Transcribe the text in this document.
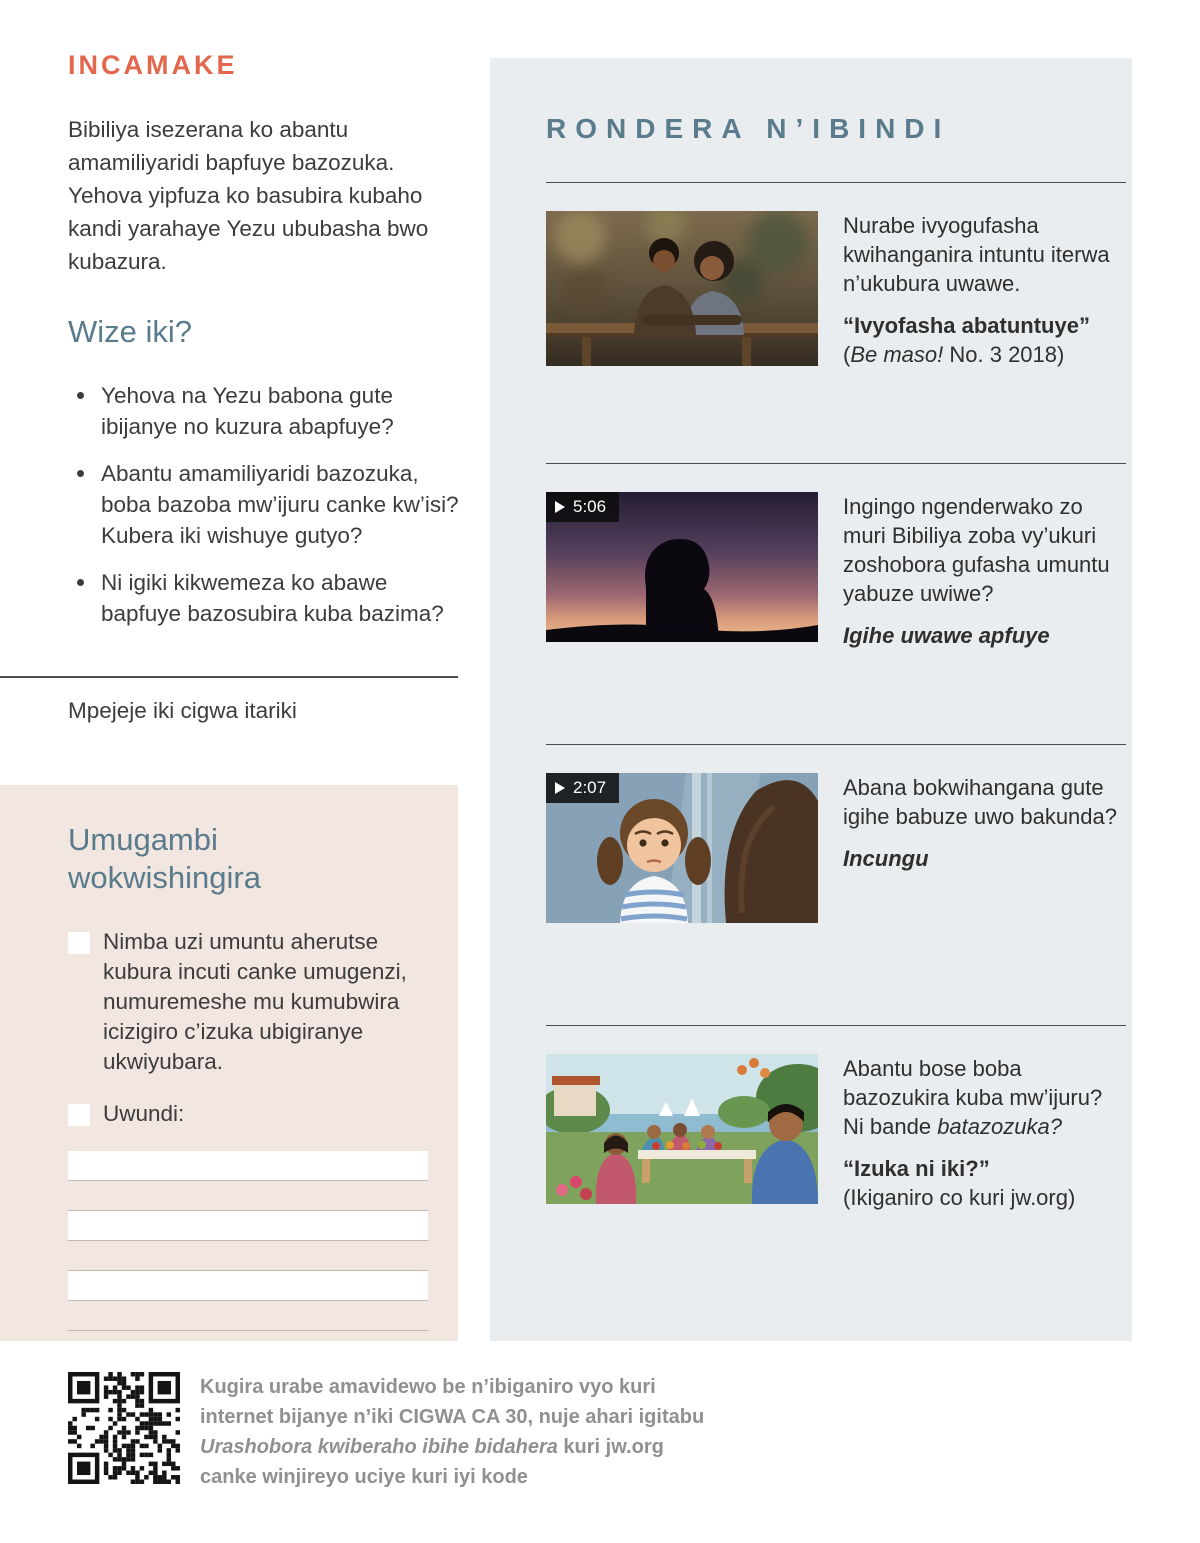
INCAMAKE

Bibiliya isezerana ko abantu amamiliyaridi bapfuye bazozuka. Yehova yipfuza ko basubira kubaho kandi yarahaye Yezu ububasha bwo kubazura.

Wize iki?
Yehova na Yezu babona gute ibijanye no kuzura abapfuye?
Abantu amamiliyaridi bazozuka, boba bazoba mw’ijuru canke kw’isi? Kubera iki wishuye gutyo?
Ni igiki kikwemeza ko abawe bapfuye bazosubira kuba bazima?

Mpejeje iki cigwa itariki

Umugambi wokwishingira
Nimba uzi umuntu aherutse kubura incuti canke umugenzi, numuremeshe mu kumubwira icizigiro c’izuka ubigiranye ukwiyubara.
Uwundi:
RONDERA N’IBINDI
Nurabe ivyogufasha kwihanganira intuntu iterwa n’ukubura uwawe.
“Ivyofasha abatuntuye”
(Be maso! No. 3 2018)
5:06	Ingingo ngenderwako zo muri Bibiliya zoba vy’ukuri zoshobora gufasha umuntu yabuze uwiwe?
Igihe uwawe apfuye
2:07	Abana bokwihangana gute igihe babuze uwo bakunda?
Incungu
Abantu bose boba bazozukira kuba mw’ijuru? Ni bande batazozuka?
“Izuka ni iki?”
(Ikiganiro co kuri jw.org)

Kugira urabe amavidewo be n’ibiganiro vyo kuri internet bijanye n’iki CIGWA CA 30, nuje ahari igitabu Urashobora kwiberaho ibihe bidahera kuri jw.org canke winjireyo uciye kuri iyi kode
